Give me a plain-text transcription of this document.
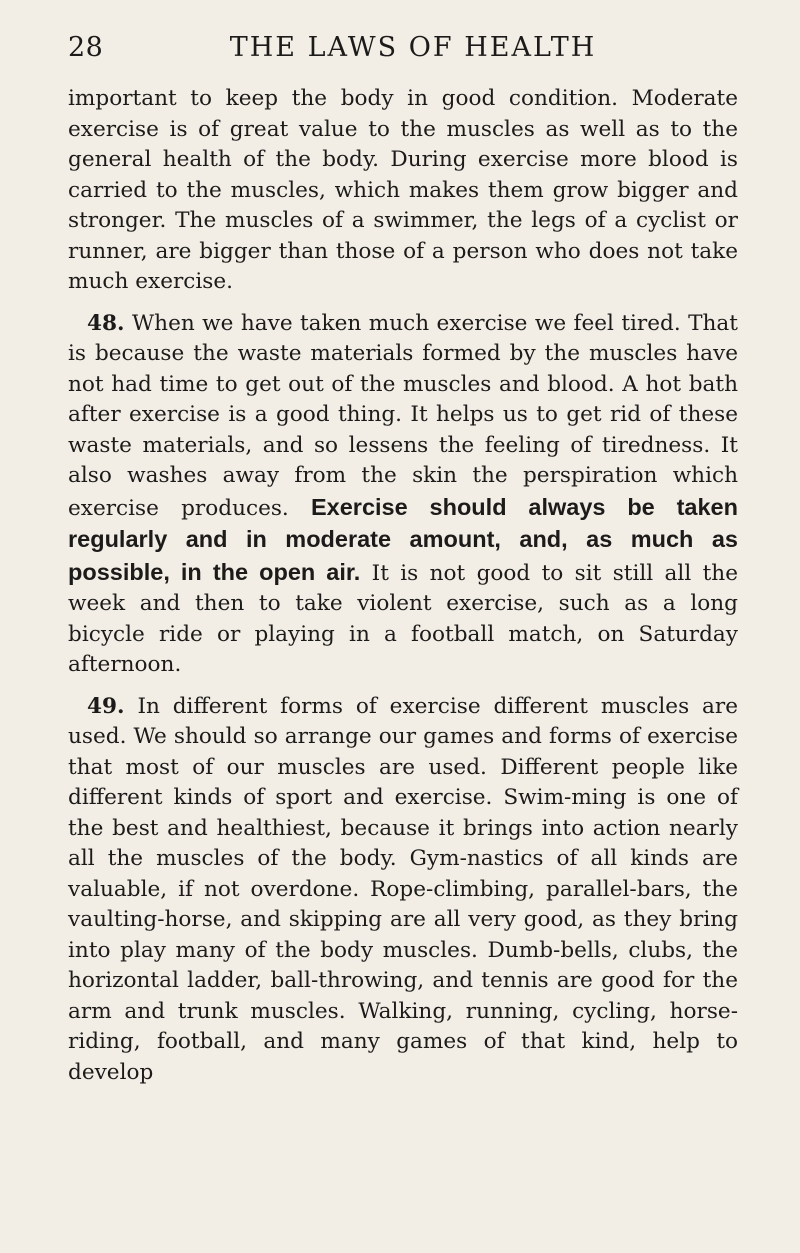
28	THE LAWS OF HEALTH

important to keep the body in good condition. Moderate exercise is of great value to the muscles as well as to the general health of the body. During exercise more blood is carried to the muscles, which makes them grow bigger and stronger. The muscles of a swimmer, the legs of a cyclist or runner, are bigger than those of a person who does not take much exercise.

48. When we have taken much exercise we feel tired. That is because the waste materials formed by the muscles have not had time to get out of the muscles and blood. A hot bath after exercise is a good thing. It helps us to get rid of these waste materials, and so lessens the feeling of tiredness. It also washes away from the skin the perspiration which exercise produces. Exercise should always be taken regularly and in moderate amount, and, as much as possible, in the open air. It is not good to sit still all the week and then to take violent exercise, such as a long bicycle ride or playing in a football match, on Saturday afternoon.

49. In different forms of exercise different muscles are used. We should so arrange our games and forms of exercise that most of our muscles are used. Different people like different kinds of sport and exercise. Swim-ming is one of the best and healthiest, because it brings into action nearly all the muscles of the body. Gym-nastics of all kinds are valuable, if not overdone. Rope-climbing, parallel-bars, the vaulting-horse, and skipping are all very good, as they bring into play many of the body muscles. Dumb-bells, clubs, the horizontal ladder, ball-throwing, and tennis are good for the arm and trunk muscles. Walking, running, cycling, horse-riding, football, and many games of that kind, help to develop
